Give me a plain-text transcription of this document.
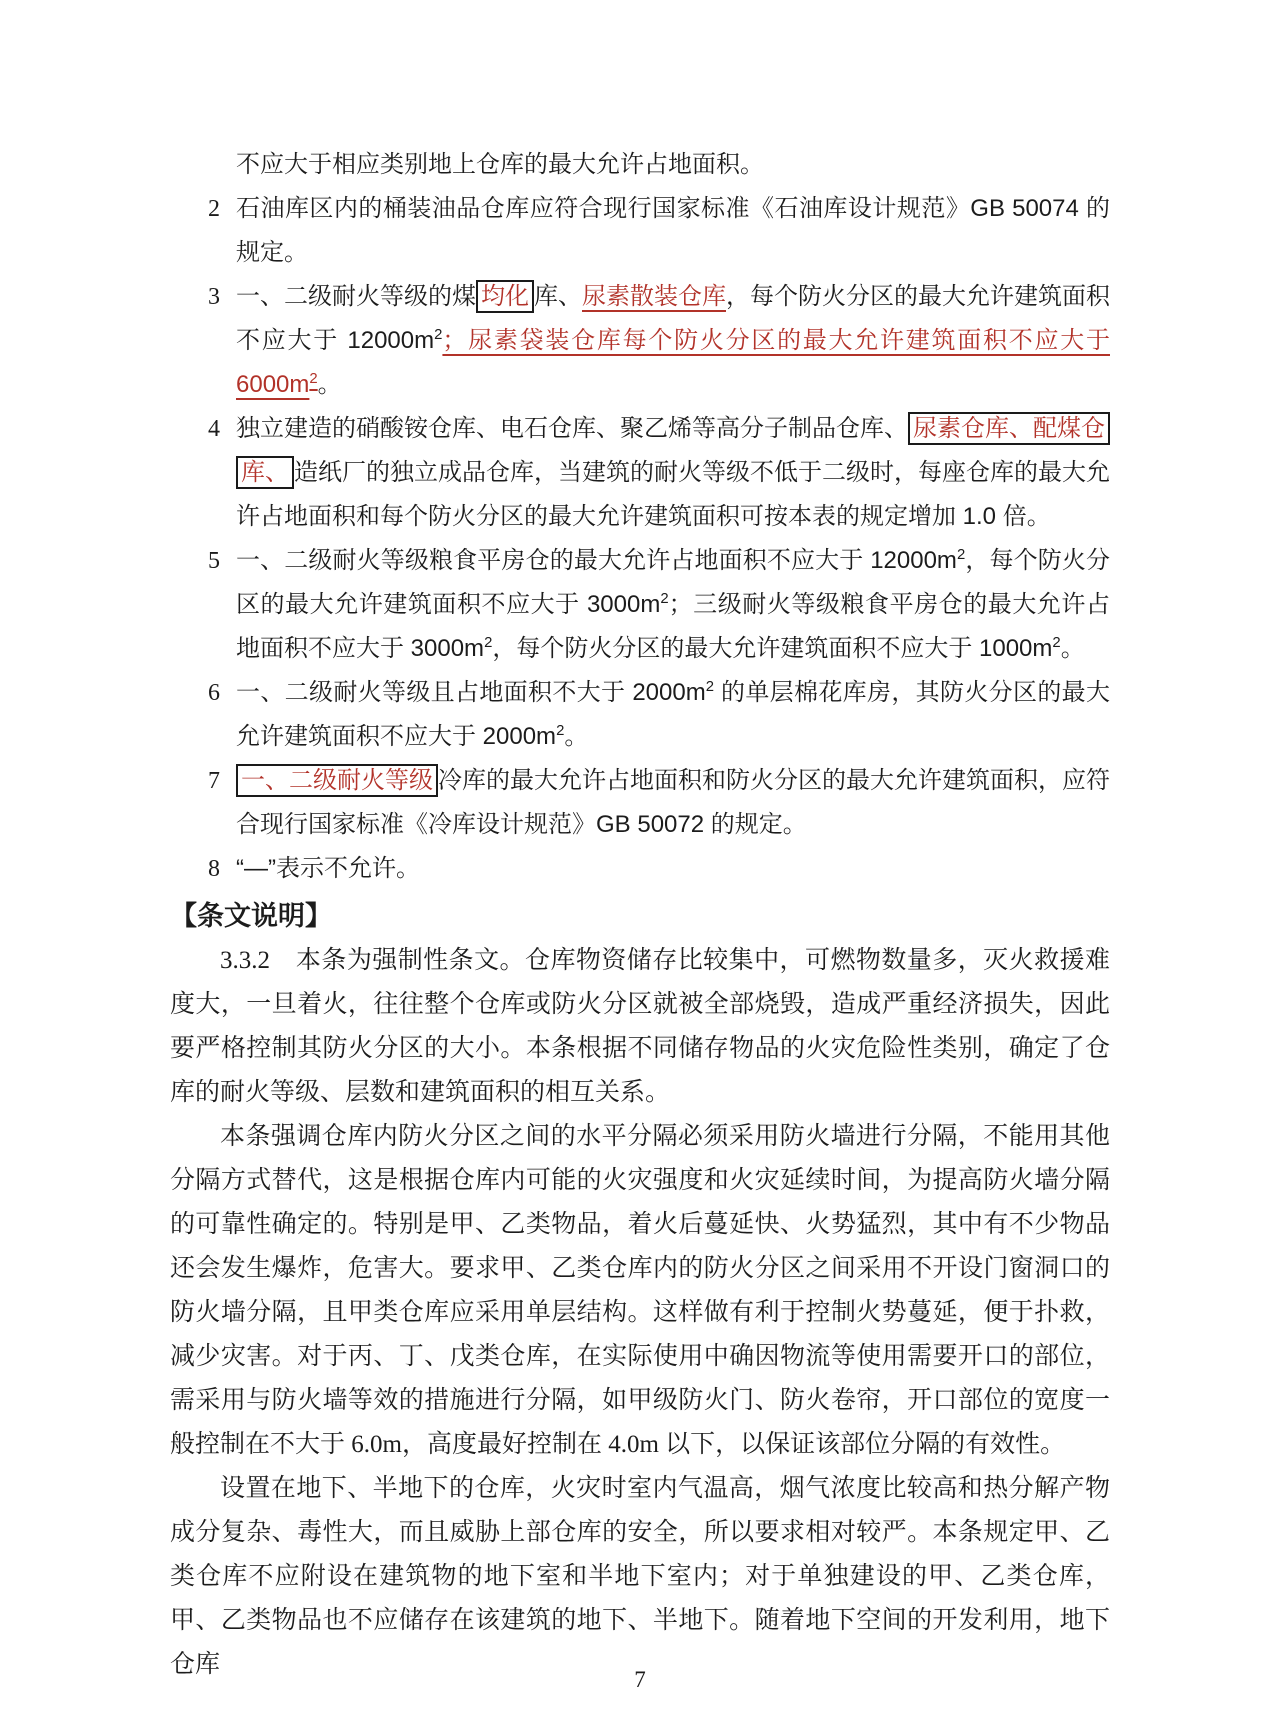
不应大于相应类别地上仓库的最大允许占地面积。
2 石油库区内的桶装油品仓库应符合现行国家标准《石油库设计规范》GB 50074 的规定。
3 一、二级耐火等级的煤 均化 库、尿素散装仓库，每个防火分区的最大允许建筑面积不应大于 $12000m^2$；尿素袋装仓库每个防火分区的最大允许建筑面积不应大于 $6000m^2$。
4 独立建造的硝酸铵仓库、电石仓库、聚乙烯等高分子制品仓库、 尿素仓库、配煤仓库、 造纸厂的独立成品仓库，当建筑的耐火等级不低于二级时，每座仓库的最大允许占地面积和每个防火分区的最大允许建筑面积可按本表的规定增加 1.0 倍。
5 一、二级耐火等级粮食平房仓的最大允许占地面积不应大于 $12000m^2$，每个防火分区的最大允许建筑面积不应大于 $3000m^2$；三级耐火等级粮食平房仓的最大允许占地面积不应大于 $3000m^2$，每个防火分区的最大允许建筑面积不应大于 $1000m^2$。
6 一、二级耐火等级且占地面积不大于 $2000m^2$ 的单层棉花库房，其防火分区的最大允许建筑面积不应大于 $2000m^2$。
7 一、二级耐火等级 冷库的最大允许占地面积和防火分区的最大允许建筑面积，应符合现行国家标准《冷库设计规范》GB 50072 的规定。
8 “—”表示不允许。
【条文说明】

3.3.2　本条为强制性条文。仓库物资储存比较集中，可燃物数量多，灭火救援难度大，一旦着火，往往整个仓库或防火分区就被全部烧毁，造成严重经济损失，因此要严格控制其防火分区的大小。本条根据不同储存物品的火灾危险性类别，确定了仓库的耐火等级、层数和建筑面积的相互关系。

本条强调仓库内防火分区之间的水平分隔必须采用防火墙进行分隔，不能用其他分隔方式替代，这是根据仓库内可能的火灾强度和火灾延续时间，为提高防火墙分隔的可靠性确定的。特别是甲、乙类物品，着火后蔓延快、火势猛烈，其中有不少物品还会发生爆炸，危害大。要求甲、乙类仓库内的防火分区之间采用不开设门窗洞口的防火墙分隔，且甲类仓库应采用单层结构。这样做有利于控制火势蔓延，便于扑救，减少灾害。对于丙、丁、戊类仓库，在实际使用中确因物流等使用需要开口的部位，需采用与防火墙等效的措施进行分隔，如甲级防火门、防火卷帘，开口部位的宽度一般控制在不大于 6.0m，高度最好控制在 4.0m 以下，以保证该部位分隔的有效性。

设置在地下、半地下的仓库，火灾时室内气温高，烟气浓度比较高和热分解产物成分复杂、毒性大，而且威胁上部仓库的安全，所以要求相对较严。本条规定甲、乙类仓库不应附设在建筑物的地下室和半地下室内；对于单独建设的甲、乙类仓库，甲、乙类物品也不应储存在该建筑的地下、半地下。随着地下空间的开发利用，地下仓库

7
